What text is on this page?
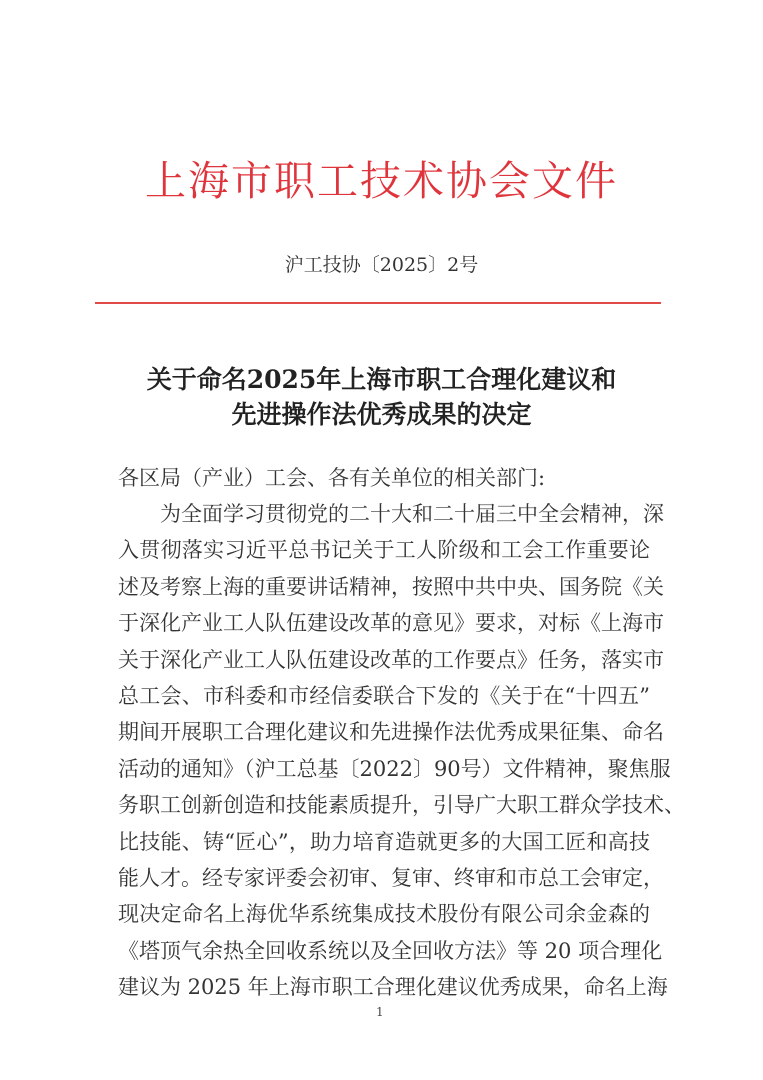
上海市职工技术协会文件
沪工技协〔2025〕2号
关于命名2025年上海市职工合理化建议和
先进操作法优秀成果的决定
各区局（产业）工会、各有关单位的相关部门:
为全面学习贯彻党的二十大和二十届三中全会精神，深
入贯彻落实习近平总书记关于工人阶级和工会工作重要论
述及考察上海的重要讲话精神，按照中共中央、国务院《关
于深化产业工人队伍建设改革的意见》要求，对标《上海市
关于深化产业工人队伍建设改革的工作要点》任务，落实市
总工会、市科委和市经信委联合下发的《关于在“十四五”
期间开展职工合理化建议和先进操作法优秀成果征集、命名
活动的通知》（沪工总基〔2022〕90号）文件精神，聚焦服
务职工创新创造和技能素质提升，引导广大职工群众学技术、
比技能、铸“匠心”，助力培育造就更多的大国工匠和高技
能人才。经专家评委会初审、复审、终审和市总工会审定，
现决定命名上海优华系统集成技术股份有限公司余金森的
《塔顶气余热全回收系统以及全回收方法》等 20 项合理化
建议为 2025 年上海市职工合理化建议优秀成果，命名上海
1
